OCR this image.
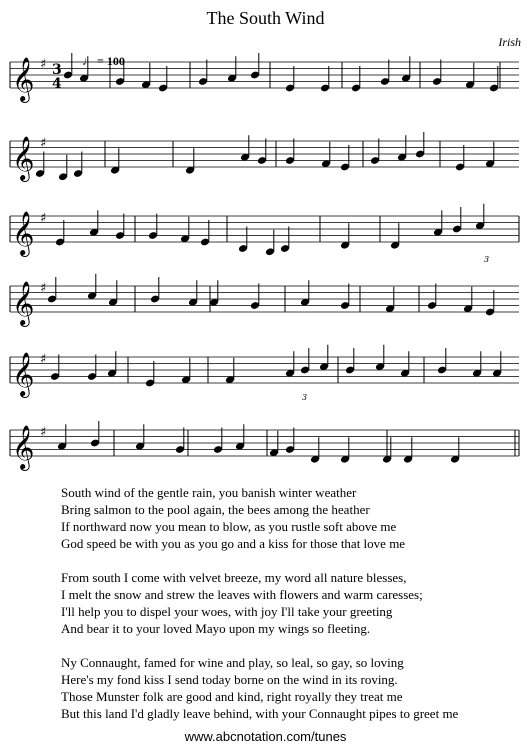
The South Wind
Irish
♩ = 100
𝄞 ♯
𝄞 ♯
𝄞 ♯
𝄞 ♯
𝄞 ♯
𝄞 ♯
3
4
3
3
South wind of the gentle rain, you banish winter weather
Bring salmon to the pool again, the bees among the heather
If northward now you mean to blow, as you rustle soft above me
God speed be with you as you go and a kiss for those that love me
From south I come with velvet breeze, my word all nature blesses,
I melt the snow and strew the leaves with flowers and warm caresses;
I'll help you to dispel your woes, with joy I'll take your greeting
And bear it to your loved Mayo upon my wings so fleeting.
Ny Connaught, famed for wine and play, so leal, so gay, so loving
Here's my fond kiss I send today borne on the wind in its roving.
Those Munster folk are good and kind, right royally they treat me
But this land I'd gladly leave behind, with your Connaught pipes to greet me
www.abcnotation.com/tunes
